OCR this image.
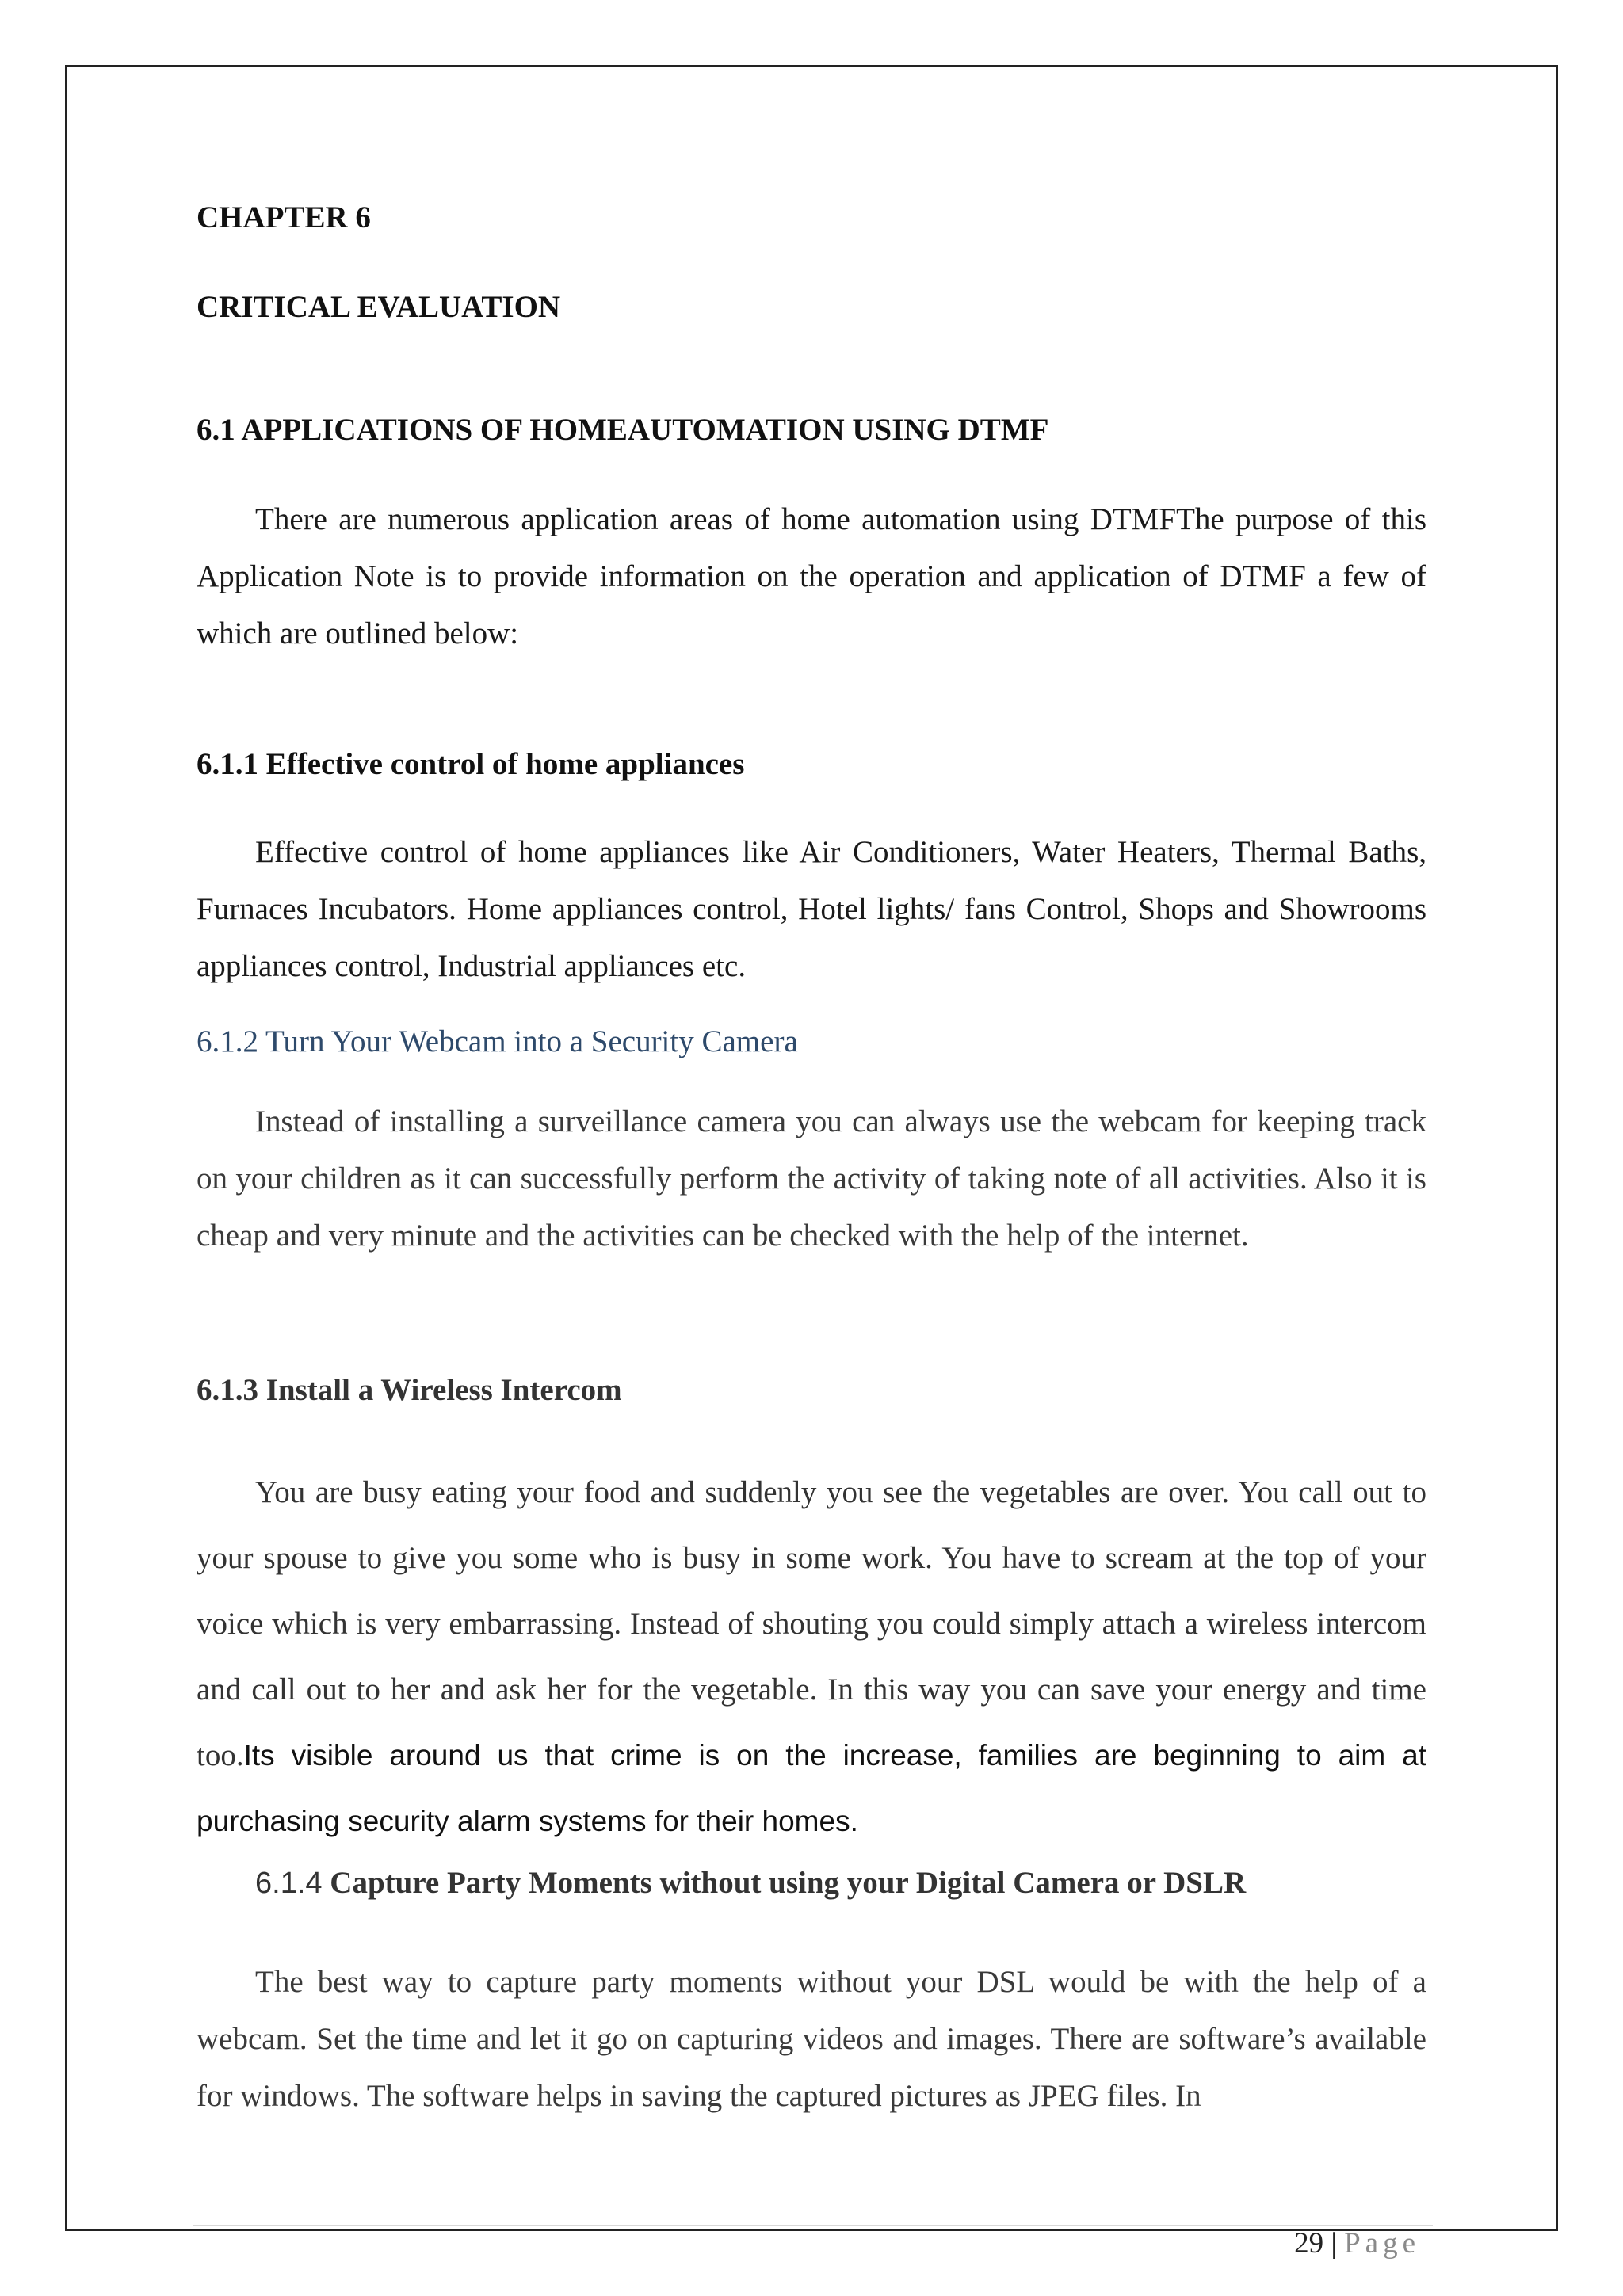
CHAPTER 6

CRITICAL EVALUATION

6.1 APPLICATIONS OF HOMEAUTOMATION USING DTMF

There are numerous application areas of home automation using DTMFThe purpose of this Application Note is to provide information on the operation and application of DTMF a few of which are outlined below:

6.1.1 Effective control of home appliances

Effective control of home appliances like Air Conditioners, Water Heaters, Thermal Baths, Furnaces Incubators. Home appliances control, Hotel lights/ fans Control, Shops and Showrooms appliances control, Industrial appliances etc.

6.1.2 Turn Your Webcam into a Security Camera

Instead of installing a surveillance camera you can always use the webcam for keeping track on your children as it can successfully perform the activity of taking note of all activities. Also it is cheap and very minute and the activities can be checked with the help of the internet.

6.1.3 Install a Wireless Intercom

You are busy eating your food and suddenly you see the vegetables are over. You call out to your spouse to give you some who is busy in some work. You have to scream at the top of your voice which is very embarrassing. Instead of shouting you could simply attach a wireless intercom and call out to her and ask her for the vegetable. In this way you can save your energy and time too.Its visible around us that crime is on the increase, families are beginning to aim at purchasing security alarm systems for their homes.

6.1.4 Capture Party Moments without using your Digital Camera or DSLR

The best way to capture party moments without your DSL would be with the help of a webcam. Set the time and let it go on capturing videos and images. There are software’s available for windows. The software helps in saving the captured pictures as JPEG files. In

29 | Page
